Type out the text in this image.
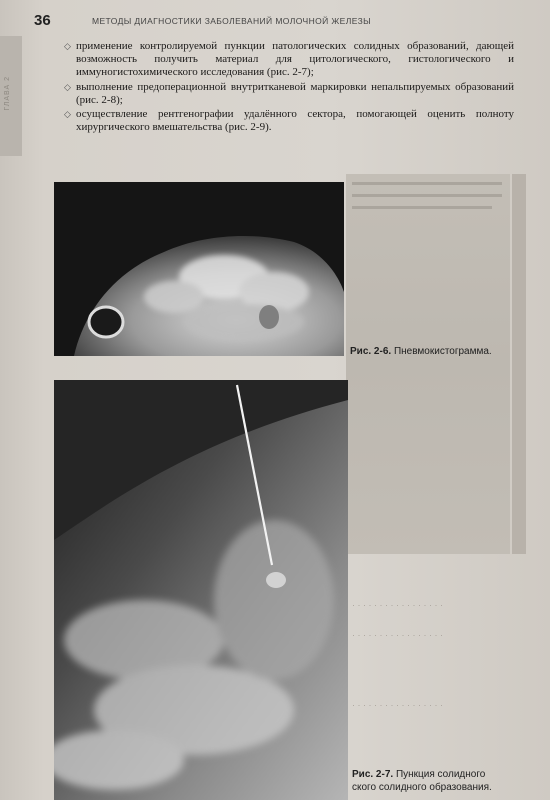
ГЛАВА 2
36	МЕТОДЫ ДИАГНОСТИКИ ЗАБОЛЕВАНИЙ МОЛОЧНОЙ ЖЕЛЕЗЫ
◇ применение контролируемой пункции патологических солидных образований, дающей возможность получить материал для цитологического, гистологического и иммуногистохимического исследования (рис. 2-7);
◇ выполнение предоперационной внутритканевой маркировки непальпируемых образований (рис. 2-8);
◇ осуществление рентгенографии удалённого сектора, помогающей оценить полноту хирургического вмешательства (рис. 2-9).
Рис. 2-6. Пневмокистограмма.
· · · · · · · · · · · · · · · · ·
· · · · · · · · · · · · · · · · ·
· · · · · · · · · · · · · · · · ·
Рис. 2-7. Пункция солидного
ского солидного образования.
